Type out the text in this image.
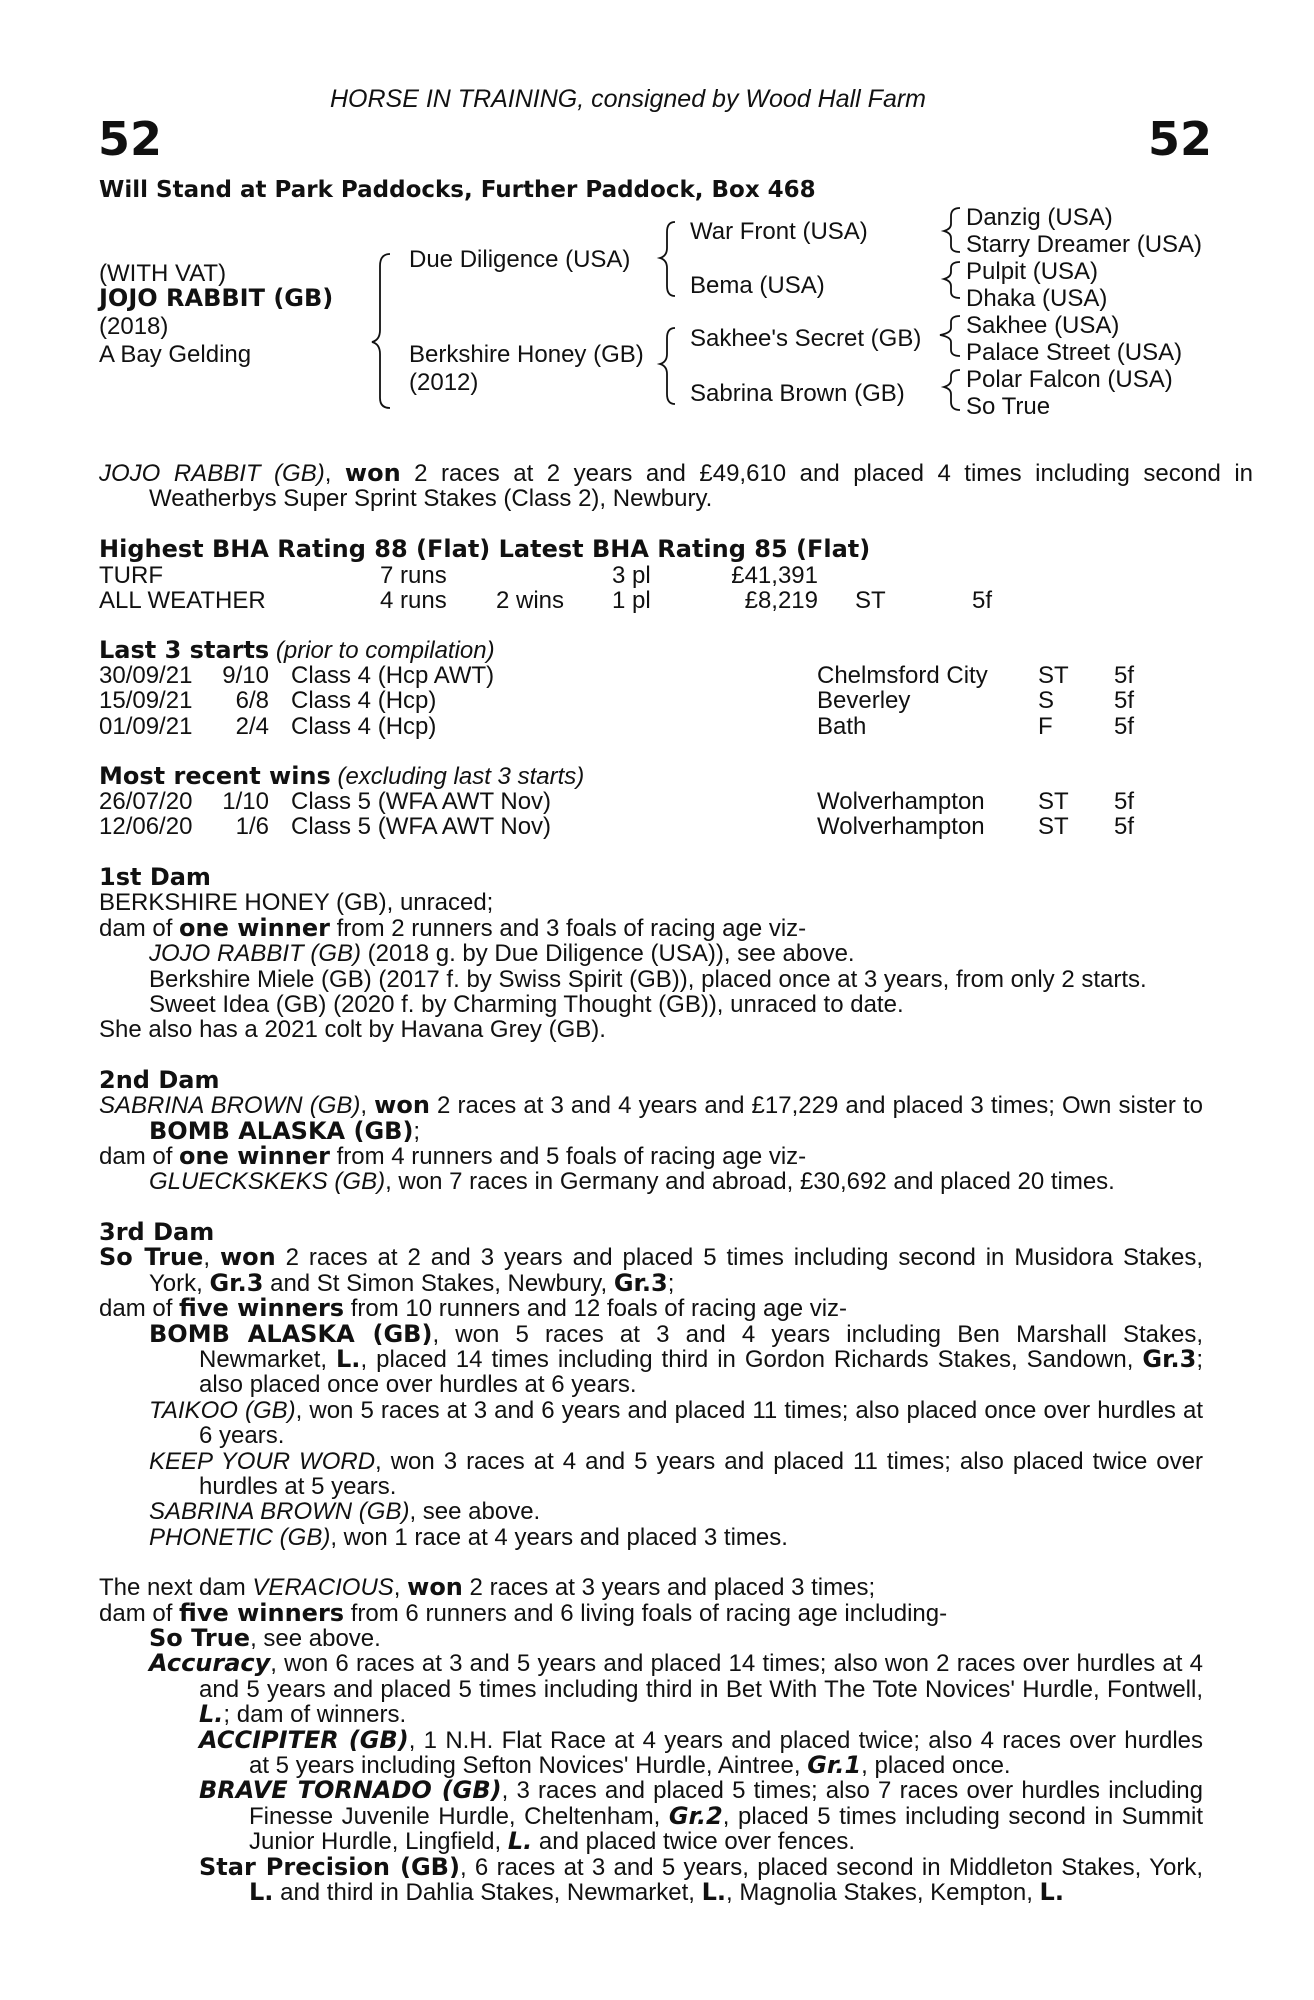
HORSE IN TRAINING, consigned by Wood Hall Farm
52	52
Will Stand at Park Paddocks, Further Paddock, Box 468
(WITH VAT)
JOJO RABBIT (GB)
(2018)
A Bay Gelding
Due Diligence (USA)
Berkshire Honey (GB)
(2012)
War Front (USA)
Bema (USA)
Sakhee's Secret (GB)
Sabrina Brown (GB)
Danzig (USA)
Starry Dreamer (USA)
Pulpit (USA)
Dhaka (USA)
Sakhee (USA)
Palace Street (USA)
Polar Falcon (USA)
So True
JOJO RABBIT (GB), won 2 races at 2 years and £49,610 and placed 4 times including second in Weatherbys Super Sprint Stakes (Class 2), Newbury.
Highest BHA Rating 88 (Flat) Latest BHA Rating 85 (Flat)
TURF	7 runs	3 pl	£41,391
ALL WEATHER	4 runs 2 wins 1 pl	£8,219 ST	5f
Last 3 starts (prior to compilation)
30/09/21 9/10 Class 4 (Hcp AWT)	Chelmsford City ST 5f
15/09/21 6/8 Class 4 (Hcp)	Beverley	S 5f
01/09/21 2/4 Class 4 (Hcp)	Bath	F	5f
Most recent wins (excluding last 3 starts)
26/07/20 1/10 Class 5 (WFA AWT Nov)	Wolverhampton ST 5f
12/06/20 1/6 Class 5 (WFA AWT Nov)	Wolverhampton ST 5f

1st Dam

BERKSHIRE HONEY (GB), unraced;

dam of one winner from 2 runners and 3 foals of racing age viz-

JOJO RABBIT (GB) (2018 g. by Due Diligence (USA)), see above.

Berkshire Miele (GB) (2017 f. by Swiss Spirit (GB)), placed once at 3 years, from only 2 starts.

Sweet Idea (GB) (2020 f. by Charming Thought (GB)), unraced to date.

She also has a 2021 colt by Havana Grey (GB).

2nd Dam

SABRINA BROWN (GB), won 2 races at 3 and 4 years and £17,229 and placed 3 times; Own sister to BOMB ALASKA (GB);

dam of one winner from 4 runners and 5 foals of racing age viz-

GLUECKSKEKS (GB), won 7 races in Germany and abroad, £30,692 and placed 20 times.

3rd Dam

So True, won 2 races at 2 and 3 years and placed 5 times including second in Musidora Stakes, York, Gr.3 and St Simon Stakes, Newbury, Gr.3;

dam of five winners from 10 runners and 12 foals of racing age viz-

BOMB ALASKA (GB), won 5 races at 3 and 4 years including Ben Marshall Stakes, Newmarket, L., placed 14 times including third in Gordon Richards Stakes, Sandown, Gr.3; also placed once over hurdles at 6 years.

TAIKOO (GB), won 5 races at 3 and 6 years and placed 11 times; also placed once over hurdles at 6 years.

KEEP YOUR WORD, won 3 races at 4 and 5 years and placed 11 times; also placed twice over hurdles at 5 years.

SABRINA BROWN (GB), see above.

PHONETIC (GB), won 1 race at 4 years and placed 3 times.

The next dam VERACIOUS, won 2 races at 3 years and placed 3 times;

dam of five winners from 6 runners and 6 living foals of racing age including-

So True, see above.

Accuracy, won 6 races at 3 and 5 years and placed 14 times; also won 2 races over hurdles at 4 and 5 years and placed 5 times including third in Bet With The Tote Novices' Hurdle, Fontwell, L.; dam of winners.

ACCIPITER (GB), 1 N.H. Flat Race at 4 years and placed twice; also 4 races over hurdles at 5 years including Sefton Novices' Hurdle, Aintree, Gr.1, placed once.

BRAVE TORNADO (GB), 3 races and placed 5 times; also 7 races over hurdles including Finesse Juvenile Hurdle, Cheltenham, Gr.2, placed 5 times including second in Summit Junior Hurdle, Lingfield, L. and placed twice over fences.

Star Precision (GB), 6 races at 3 and 5 years, placed second in Middleton Stakes, York, L. and third in Dahlia Stakes, Newmarket, L., Magnolia Stakes, Kempton, L.
